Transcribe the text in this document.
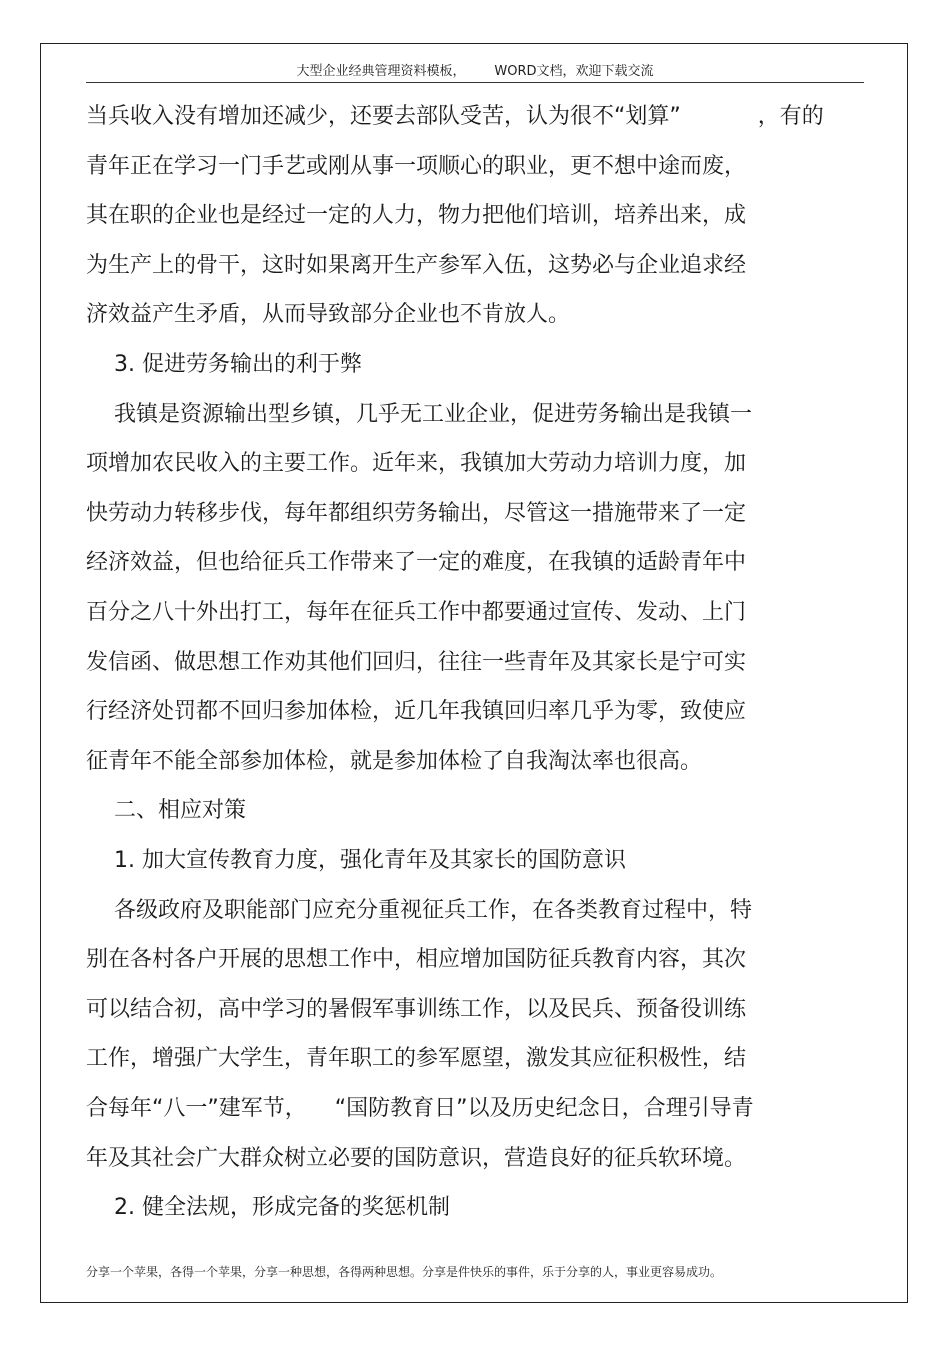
大型企业经典管理资料模板，       WORD文档，欢迎下载交流
当兵收入没有增加还减少，还要去部队受苦，认为很不“划算”           ，有的
青年正在学习一门手艺或刚从事一项顺心的职业，更不想中途而废，
其在职的企业也是经过一定的人力，物力把他们培训，培养出来，成
为生产上的骨干，这时如果离开生产参军入伍，这势必与企业追求经
济效益产生矛盾，从而导致部分企业也不肯放人。
3. 促进劳务输出的利于弊
我镇是资源输出型乡镇，几乎无工业企业，促进劳务输出是我镇一
项增加农民收入的主要工作。近年来，我镇加大劳动力培训力度，加
快劳动力转移步伐，每年都组织劳务输出，尽管这一措施带来了一定
经济效益，但也给征兵工作带来了一定的难度，在我镇的适龄青年中
百分之八十外出打工，每年在征兵工作中都要通过宣传、发动、上门
发信函、做思想工作劝其他们回归，往往一些青年及其家长是宁可实
行经济处罚都不回归参加体检，近几年我镇回归率几乎为零，致使应
征青年不能全部参加体检，就是参加体检了自我淘汰率也很高。
二、相应对策
1. 加大宣传教育力度，强化青年及其家长的国防意识
各级政府及职能部门应充分重视征兵工作，在各类教育过程中，特
别在各村各户开展的思想工作中，相应增加国防征兵教育内容，其次
可以结合初，高中学习的暑假军事训练工作，以及民兵、预备役训练
工作，增强广大学生，青年职工的参军愿望，激发其应征积极性，结
合每年“八一”建军节，    “国防教育日”以及历史纪念日，合理引导青
年及其社会广大群众树立必要的国防意识，营造良好的征兵软环境。
2. 健全法规，形成完备的奖惩机制
分享一个苹果，各得一个苹果，分享一种思想，各得两种思想。分享是件快乐的事件，乐于分享的人，事业更容易成功。
